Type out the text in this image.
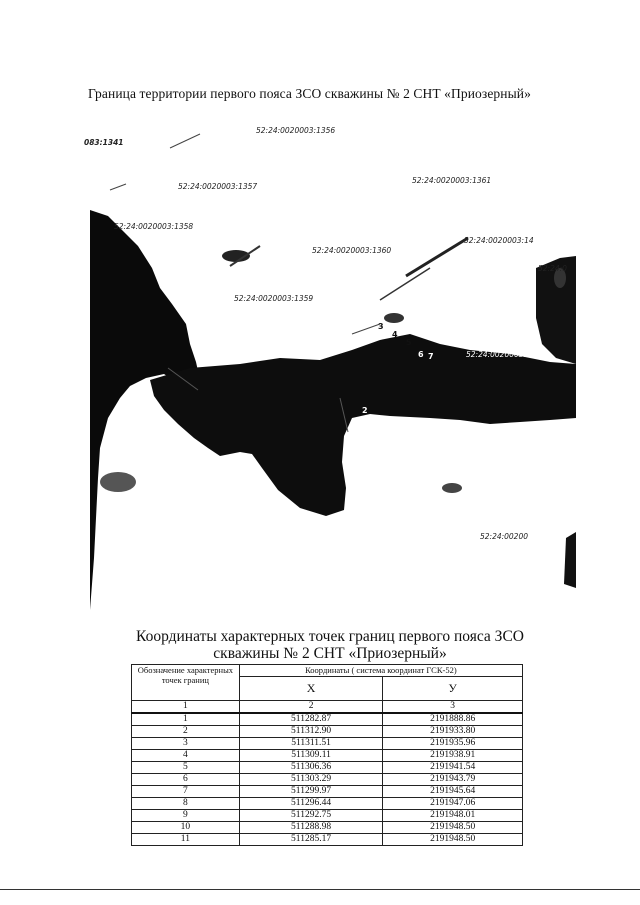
Граница территории первого пояса ЗСО скважины № 2 СНТ «Приозерный»
083:1341
52:24:0020003:1356
52:24:0020003:1357
52:24:0020003:1361
52:24:0020003:1358
52:24:0020003:1360
52:24:0020003:14
52:24:0
52:24:0020003:1359
52:24:0020003:184
52:24:00200
3
4
5
6 7
2
Координаты характерных точек границ первого пояса ЗСО
скважины № 2 СНТ «Приозерный»
Обозначение характерных точек границ	Координаты ( система координат ГСК-52)	
	X	У
1	2	3
1	511282.87	2191888.86
2	511312.90	2191933.80
3	511311.51	2191935.96
4	511309.11	2191938.91
5	511306.36	2191941.54
6	511303.29	2191943.79
7	511299.97	2191945.64
8	511296.44	2191947.06
9	511292.75	2191948.01
10	511288.98	2191948.50
11	511285.17	2191948.50
